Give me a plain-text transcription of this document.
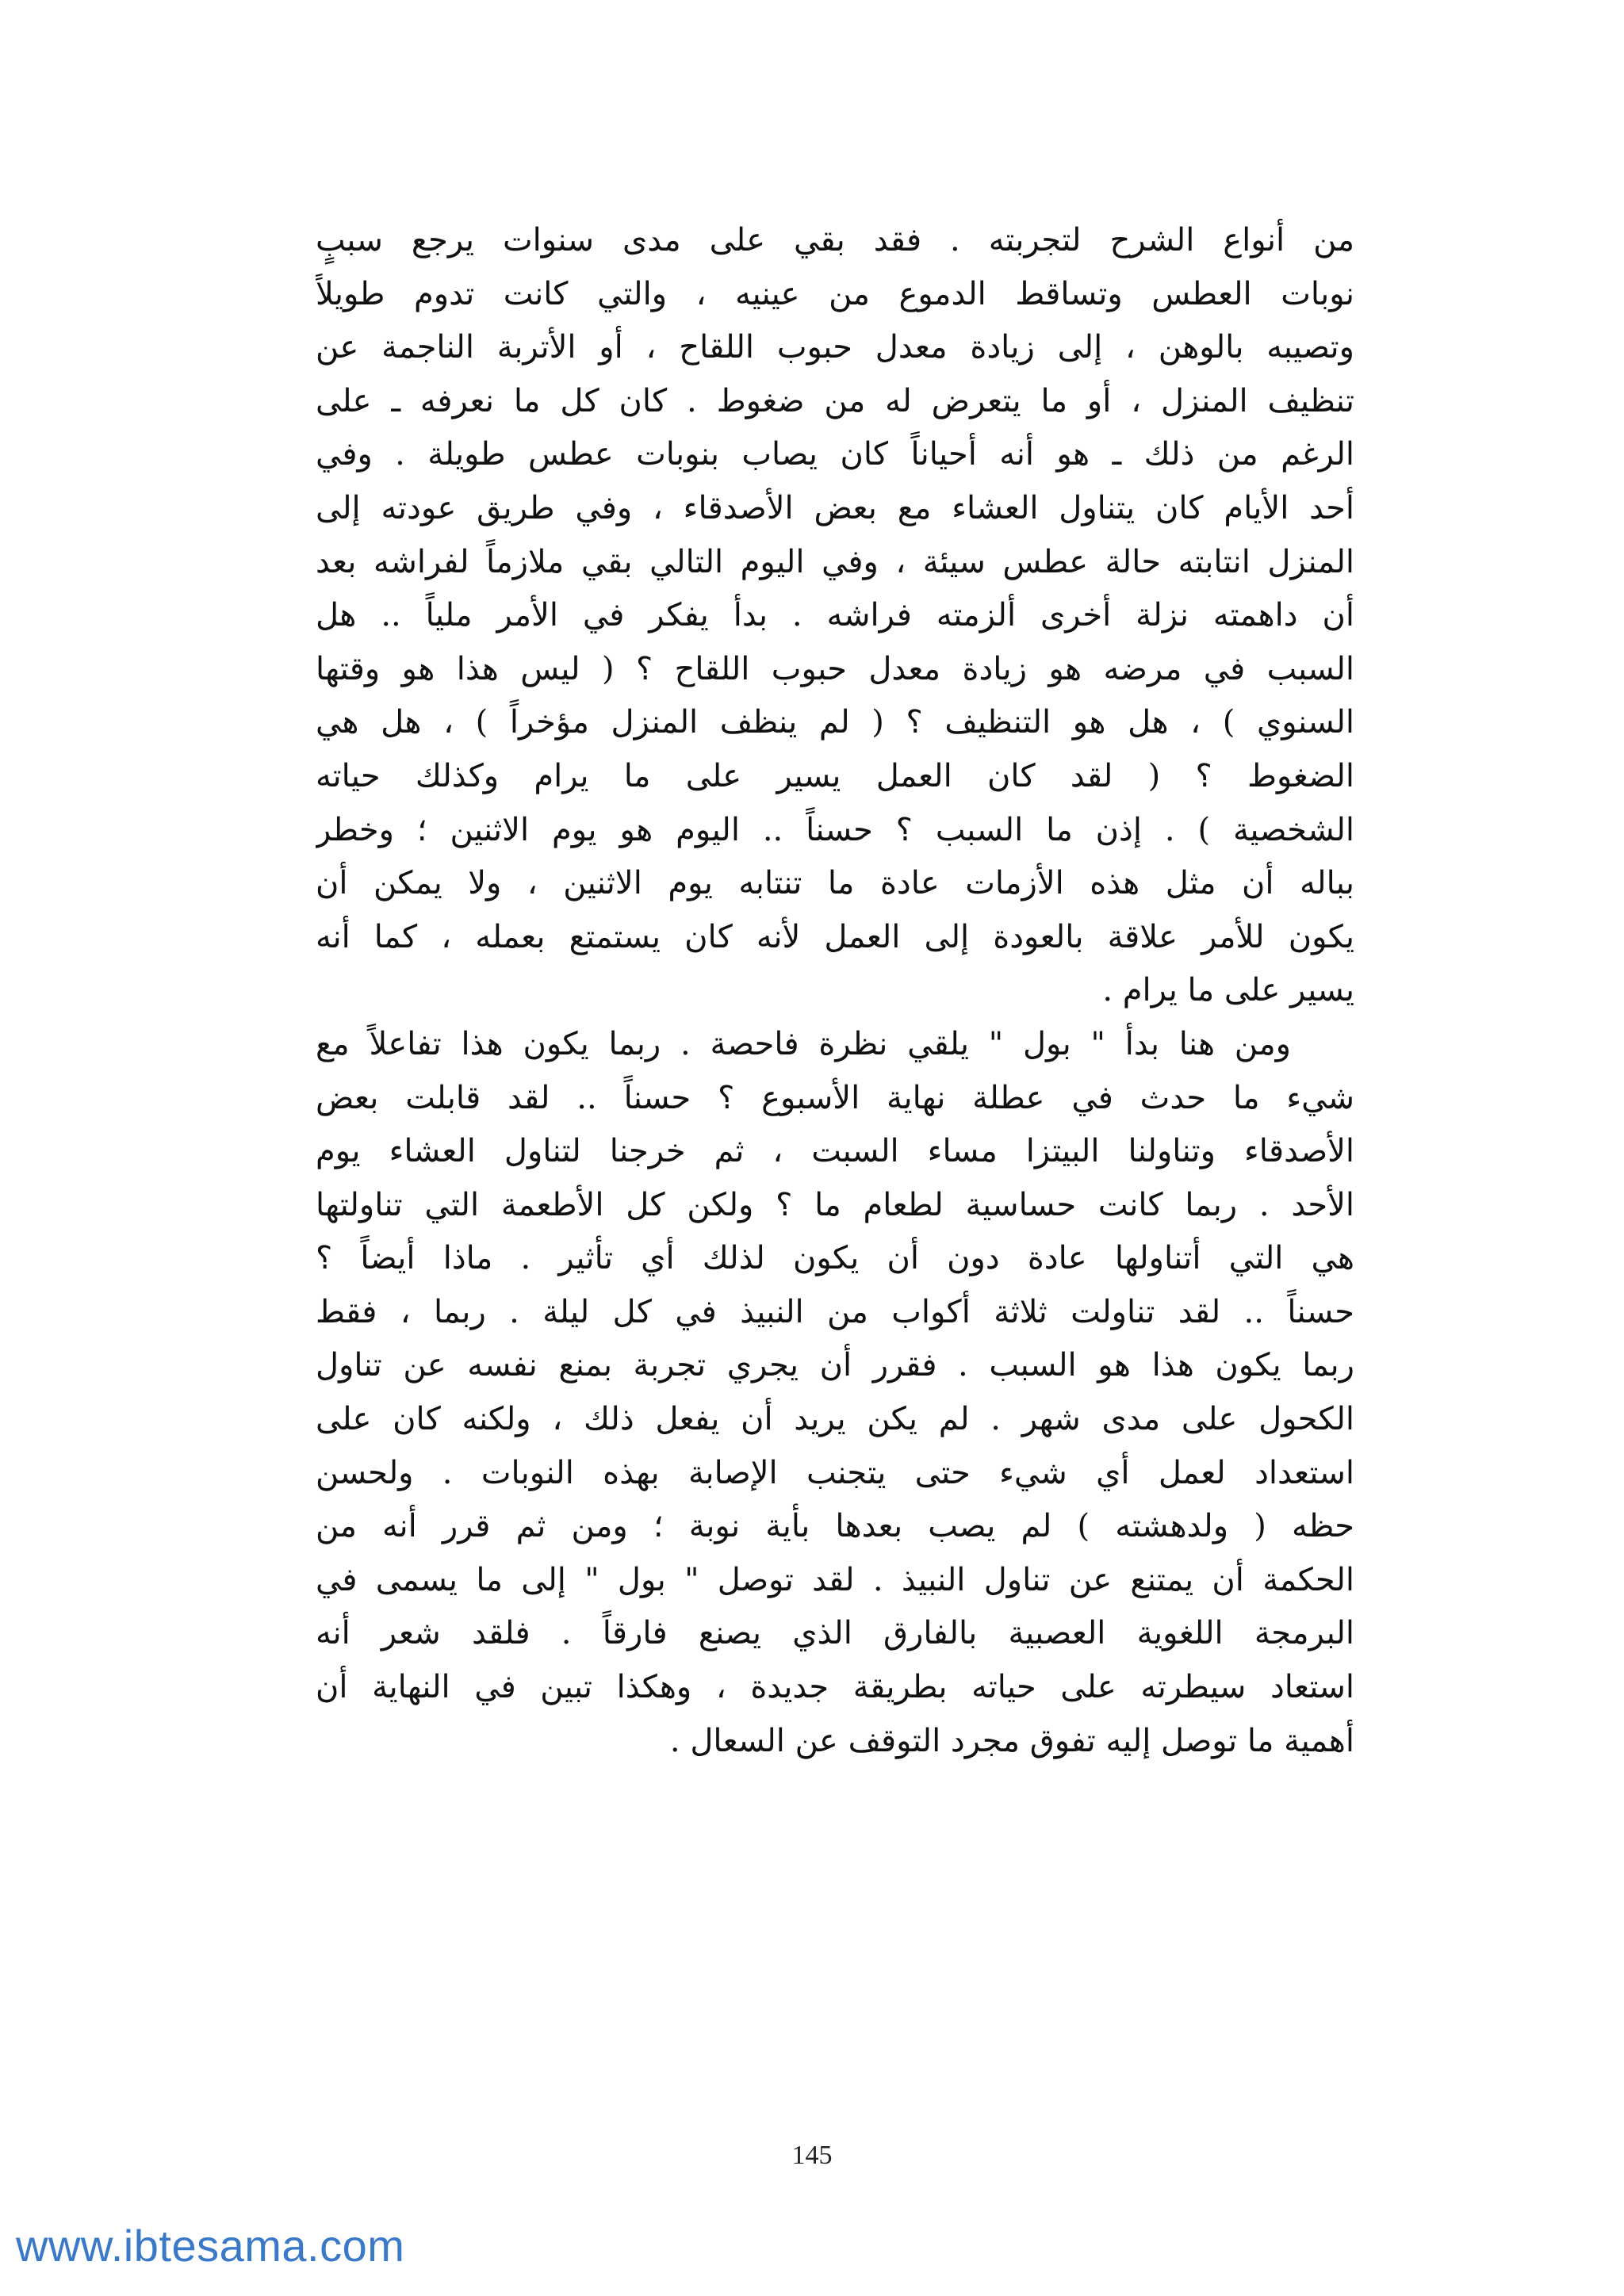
من أنواع الشرح لتجربته . فقد بقي على مدى سنوات يرجع سببٍ
نوبات العطس وتساقط الدموع من عينيه ، والتي كانت تدوم طويلاً
وتصيبه بالوهن ، إلى زيادة معدل حبوب اللقاح ، أو الأتربة الناجمة عن
تنظيف المنزل ، أو ما يتعرض له من ضغوط . كان كل ما نعرفه ـ على
الرغم من ذلك ـ هو أنه أحياناً كان يصاب بنوبات عطس طويلة . وفي
أحد الأيام كان يتناول العشاء مع بعض الأصدقاء ، وفي طريق عودته إلى
المنزل انتابته حالة عطس سيئة ، وفي اليوم التالي بقي ملازماً لفراشه بعد
أن داهمته نزلة أخرى ألزمته فراشه . بدأ يفكر في الأمر ملياً .. هل
السبب في مرضه هو زيادة معدل حبوب اللقاح ؟ ( ليس هذا هو وقتها
السنوي ) ، هل هو التنظيف ؟ ( لم ينظف المنزل مؤخراً ) ، هل هي
الضغوط ؟ ( لقد كان العمل يسير على ما يرام وكذلك حياته
الشخصية ) . إذن ما السبب ؟ حسناً .. اليوم هو يوم الاثنين ؛ وخطر
بباله أن مثل هذه الأزمات عادة ما تنتابه يوم الاثنين ، ولا يمكن أن
يكون للأمر علاقة بالعودة إلى العمل لأنه كان يستمتع بعمله ، كما أنه
يسير على ما يرام .
ومن هنا بدأ " بول " يلقي نظرة فاحصة . ربما يكون هذا تفاعلاً مع
شيء ما حدث في عطلة نهاية الأسبوع ؟ حسناً .. لقد قابلت بعض
الأصدقاء وتناولنا البيتزا مساء السبت ، ثم خرجنا لتناول العشاء يوم
الأحد . ربما كانت حساسية لطعام ما ؟ ولكن كل الأطعمة التي تناولتها
هي التي أتناولها عادة دون أن يكون لذلك أي تأثير . ماذا أيضاً ؟
حسناً .. لقد تناولت ثلاثة أكواب من النبيذ في كل ليلة . ربما ، فقط
ربما يكون هذا هو السبب . فقرر أن يجري تجربة بمنع نفسه عن تناول
الكحول على مدى شهر . لم يكن يريد أن يفعل ذلك ، ولكنه كان على
استعداد لعمل أي شيء حتى يتجنب الإصابة بهذه النوبات . ولحسن
حظه ( ولدهشته ) لم يصب بعدها بأية نوبة ؛ ومن ثم قرر أنه من
الحكمة أن يمتنع عن تناول النبيذ . لقد توصل " بول " إلى ما يسمى في
البرمجة اللغوية العصبية بالفارق الذي يصنع فارقاً . فلقد شعر أنه
استعاد سيطرته على حياته بطريقة جديدة ، وهكذا تبين في النهاية أن
أهمية ما توصل إليه تفوق مجرد التوقف عن السعال .
145
www.ibtesama.com
